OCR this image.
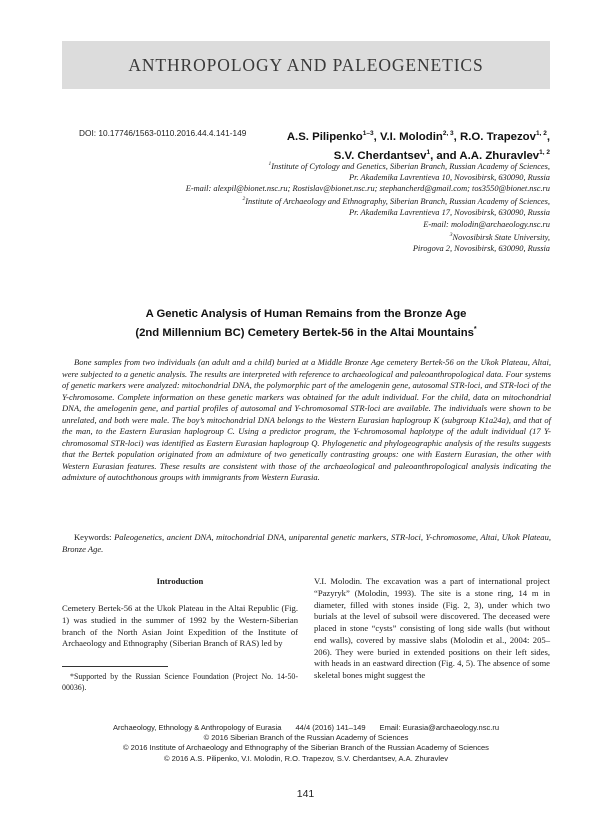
ANTHROPOLOGY AND PALEOGENETICS
DOI: 10.17746/1563-0110.2016.44.4.141-149	A.S. Pilipenko$^{1-3}$, V.I. Molodin$^{2, 3}$, R.O. Trapezov$^{1, 2}$,
S.V. Cherdantsev$^1$, and A.A. Zhuravlev$^{1, 2}$
$^1$Institute of Cytology and Genetics, Siberian Branch, Russian Academy of Sciences,
Pr. Akademika Lavrentieva 10, Novosibirsk, 630090, Russia
E-mail: alexpil@bionet.nsc.ru; Rostislav@bionet.nsc.ru; stephancherd@gmail.com; tos3550@bionet.nsc.ru
$^2$Institute of Archaeology and Ethnography, Siberian Branch, Russian Academy of Sciences,
Pr. Akademika Lavrentieva 17, Novosibirsk, 630090, Russia
E-mail: molodin@archaeology.nsc.ru
$^3$Novosibirsk State University,
Pirogova 2, Novosibirsk, 630090, Russia
A Genetic Analysis of Human Remains from the Bronze Age
(2nd Millennium BC) Cemetery Bertek-56 in the Altai Mountains*

Bone samples from two individuals (an adult and a child) buried at a Middle Bronze Age cemetery Bertek-56 on the Ukok Plateau, Altai, were subjected to a genetic analysis. The results are interpreted with reference to archaeological and paleoanthropological data. Four systems of genetic markers were analyzed: mitochondrial DNA, the polymorphic part of the amelogenin gene, autosomal STR-loci, and STR-loci of the Y-chromosome. Complete information on these genetic markers was obtained for the adult individual. For the child, data on mitochondrial DNA, the amelogenin gene, and partial profiles of autosomal and Y-chromosomal STR-loci are available. The individuals were shown to be unrelated, and both were male. The boy’s mitochondrial DNA belongs to the Western Eurasian haplogroup K (subgroup K1a24a), and that of the man, to the Eastern Eurasian haplogroup C. Using a predictor program, the Y-chromosomal haplotype of the adult individual (17 Y-chromosomal STR-loci) was identified as Eastern Eurasian haplogroup Q. Phylogenetic and phylogeographic analysis of the results suggests that the Bertek population originated from an admixture of two genetically contrasting groups: one with Eastern Eurasian, the other with Western Eurasian features. These results are consistent with those of the archaeological and paleoanthropological analysis indicating the admixture of autochthonous groups with immigrants from Western Eurasia.

Keywords: Paleogenetics, ancient DNA, mitochondrial DNA, uniparental genetic markers, STR-loci, Y-chromosome, Altai, Ukok Plateau, Bronze Age.

Introduction

Cemetery Bertek-56 at the Ukok Plateau in the Altai Republic (Fig. 1) was studied in the summer of 1992 by the Western-Siberian branch of the North Asian Joint Expedition of the Institute of Archaeology and Ethnography (Siberian Branch of RAS) led by

*Supported by the Russian Science Foundation (Project No. 14-50-00036).

V.I. Molodin. The excavation was a part of international project “Pazyryk” (Molodin, 1993). The site is a stone ring, 14 m in diameter, filled with stones inside (Fig. 2, 3), under which two burials at the level of subsoil were discovered. The deceased were placed in stone “cysts” consisting of long side walls (but without end walls), covered by massive slabs (Molodin et al., 2004: 205–206). They were buried in extended positions on their left sides, with heads in an eastward direction (Fig. 4, 5). The absence of some skeletal bones might suggest the

Archaeology, Ethnology & Anthropology of Eurasia 44/4 (2016) 141–149 Email: Eurasia@archaeology.nsc.ru
© 2016 Siberian Branch of the Russian Academy of Sciences
© 2016 Institute of Archaeology and Ethnography of the Siberian Branch of the Russian Academy of Sciences
© 2016 A.S. Pilipenko, V.I. Molodin, R.O. Trapezov, S.V. Cherdantsev, A.A. Zhuravlev
141
